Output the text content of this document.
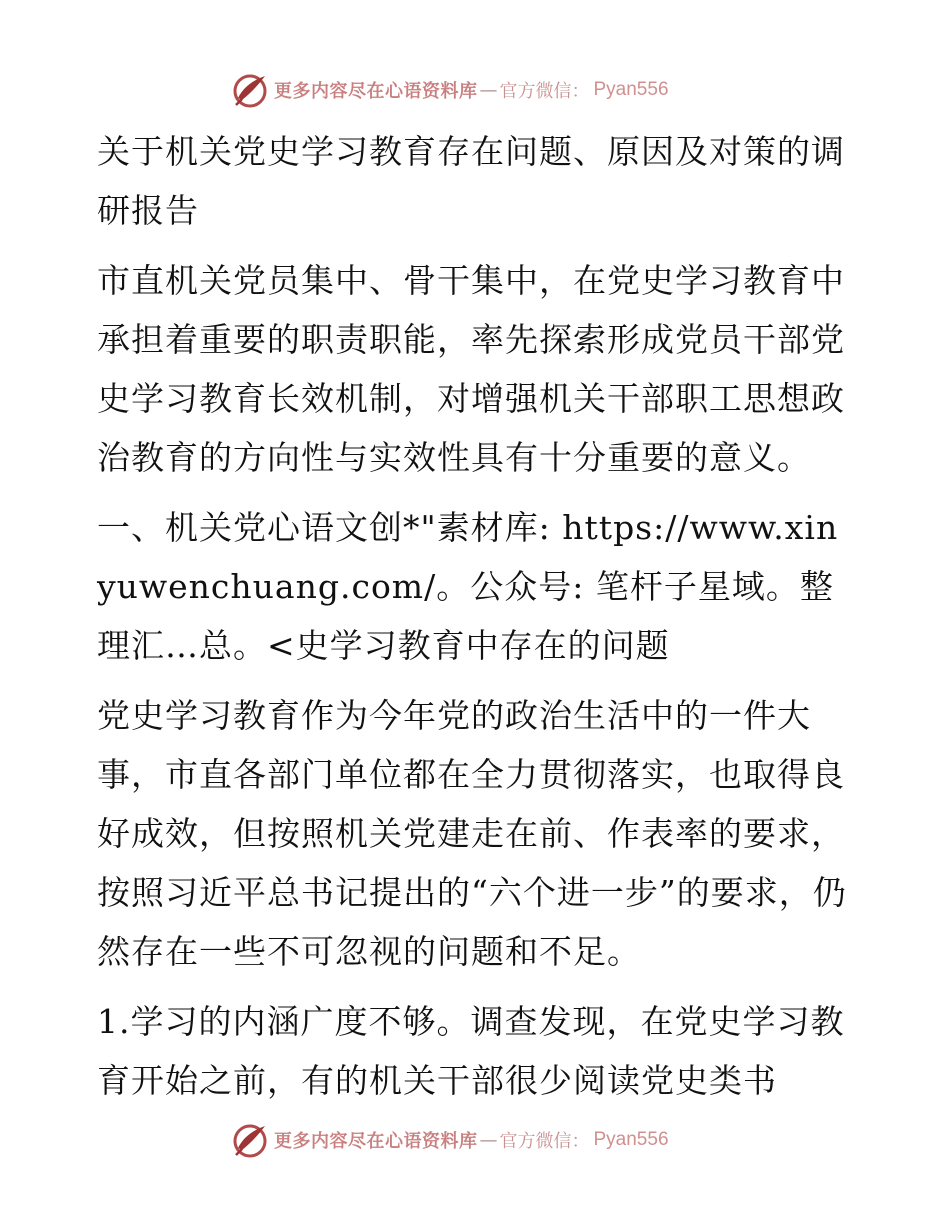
更多内容尽在心语资料库 — 官方微信： Pyan556

关于机关党史学习教育存在问题、原因及对策的调研报告

市直机关党员集中、骨干集中，在党史学习教育中承担着重要的职责职能，率先探索形成党员干部党史学习教育长效机制，对增强机关干部职工思想政治教育的方向性与实效性具有十分重要的意义。

一、机关党心语文创*"素材库: https://www.xinyuwenchuang.com/。公众号: 笔杆子星域。整理汇…总。<史学习教育中存在的问题

党史学习教育作为今年党的政治生活中的一件大事，市直各部门单位都在全力贯彻落实，也取得良好成效，但按照机关党建走在前、作表率的要求，按照习近平总书记提出的“六个进一步”的要求，仍然存在一些不可忽视的问题和不足。

1.学习的内涵广度不够。调查发现，在党史学习教育开始之前，有的机关干部很少阅读党史类书

更多内容尽在心语资料库 — 官方微信： Pyan556
